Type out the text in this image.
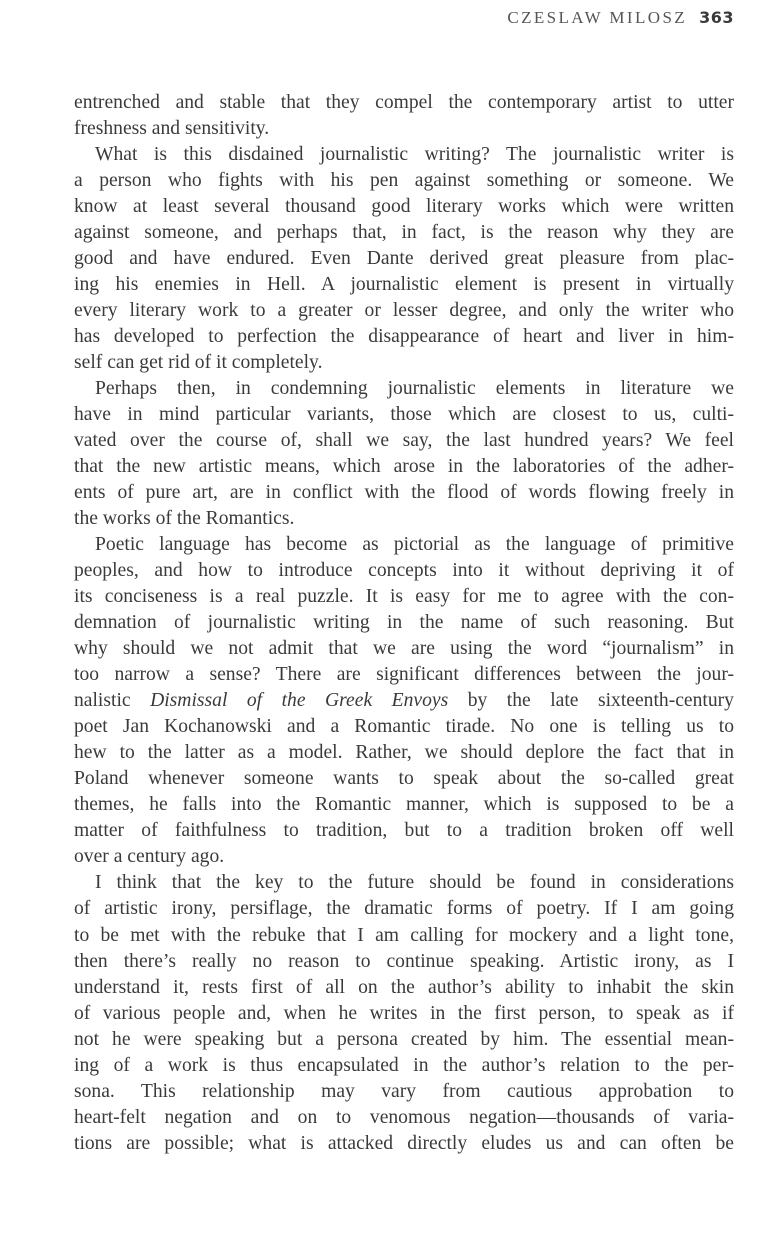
CZESLAW MILOSZ 363
entrenched and stable that they compel the contemporary artist to utter
freshness and sensitivity.
What is this disdained journalistic writing? The journalistic writer is
a person who fights with his pen against something or someone. We
know at least several thousand good literary works which were written
against someone, and perhaps that, in fact, is the reason why they are
good and have endured. Even Dante derived great pleasure from plac-
ing his enemies in Hell. A journalistic element is present in virtually
every literary work to a greater or lesser degree, and only the writer who
has developed to perfection the disappearance of heart and liver in him-
self can get rid of it completely.
Perhaps then, in condemning journalistic elements in literature we
have in mind particular variants, those which are closest to us, culti-
vated over the course of, shall we say, the last hundred years? We feel
that the new artistic means, which arose in the laboratories of the adher-
ents of pure art, are in conflict with the flood of words flowing freely in
the works of the Romantics.
Poetic language has become as pictorial as the language of primitive
peoples, and how to introduce concepts into it without depriving it of
its conciseness is a real puzzle. It is easy for me to agree with the con-
demnation of journalistic writing in the name of such reasoning. But
why should we not admit that we are using the word “journalism” in
too narrow a sense? There are significant differences between the jour-
nalistic Dismissal of the Greek Envoys by the late sixteenth-century
poet Jan Kochanowski and a Romantic tirade. No one is telling us to
hew to the latter as a model. Rather, we should deplore the fact that in
Poland whenever someone wants to speak about the so-called great
themes, he falls into the Romantic manner, which is supposed to be a
matter of faithfulness to tradition, but to a tradition broken off well
over a century ago.
I think that the key to the future should be found in considerations
of artistic irony, persiflage, the dramatic forms of poetry. If I am going
to be met with the rebuke that I am calling for mockery and a light tone,
then there’s really no reason to continue speaking. Artistic irony, as I
understand it, rests first of all on the author’s ability to inhabit the skin
of various people and, when he writes in the first person, to speak as if
not he were speaking but a persona created by him. The essential mean-
ing of a work is thus encapsulated in the author’s relation to the per-
sona. This relationship may vary from cautious approbation to
heart-felt negation and on to venomous negation—thousands of varia-
tions are possible; what is attacked directly eludes us and can often be
